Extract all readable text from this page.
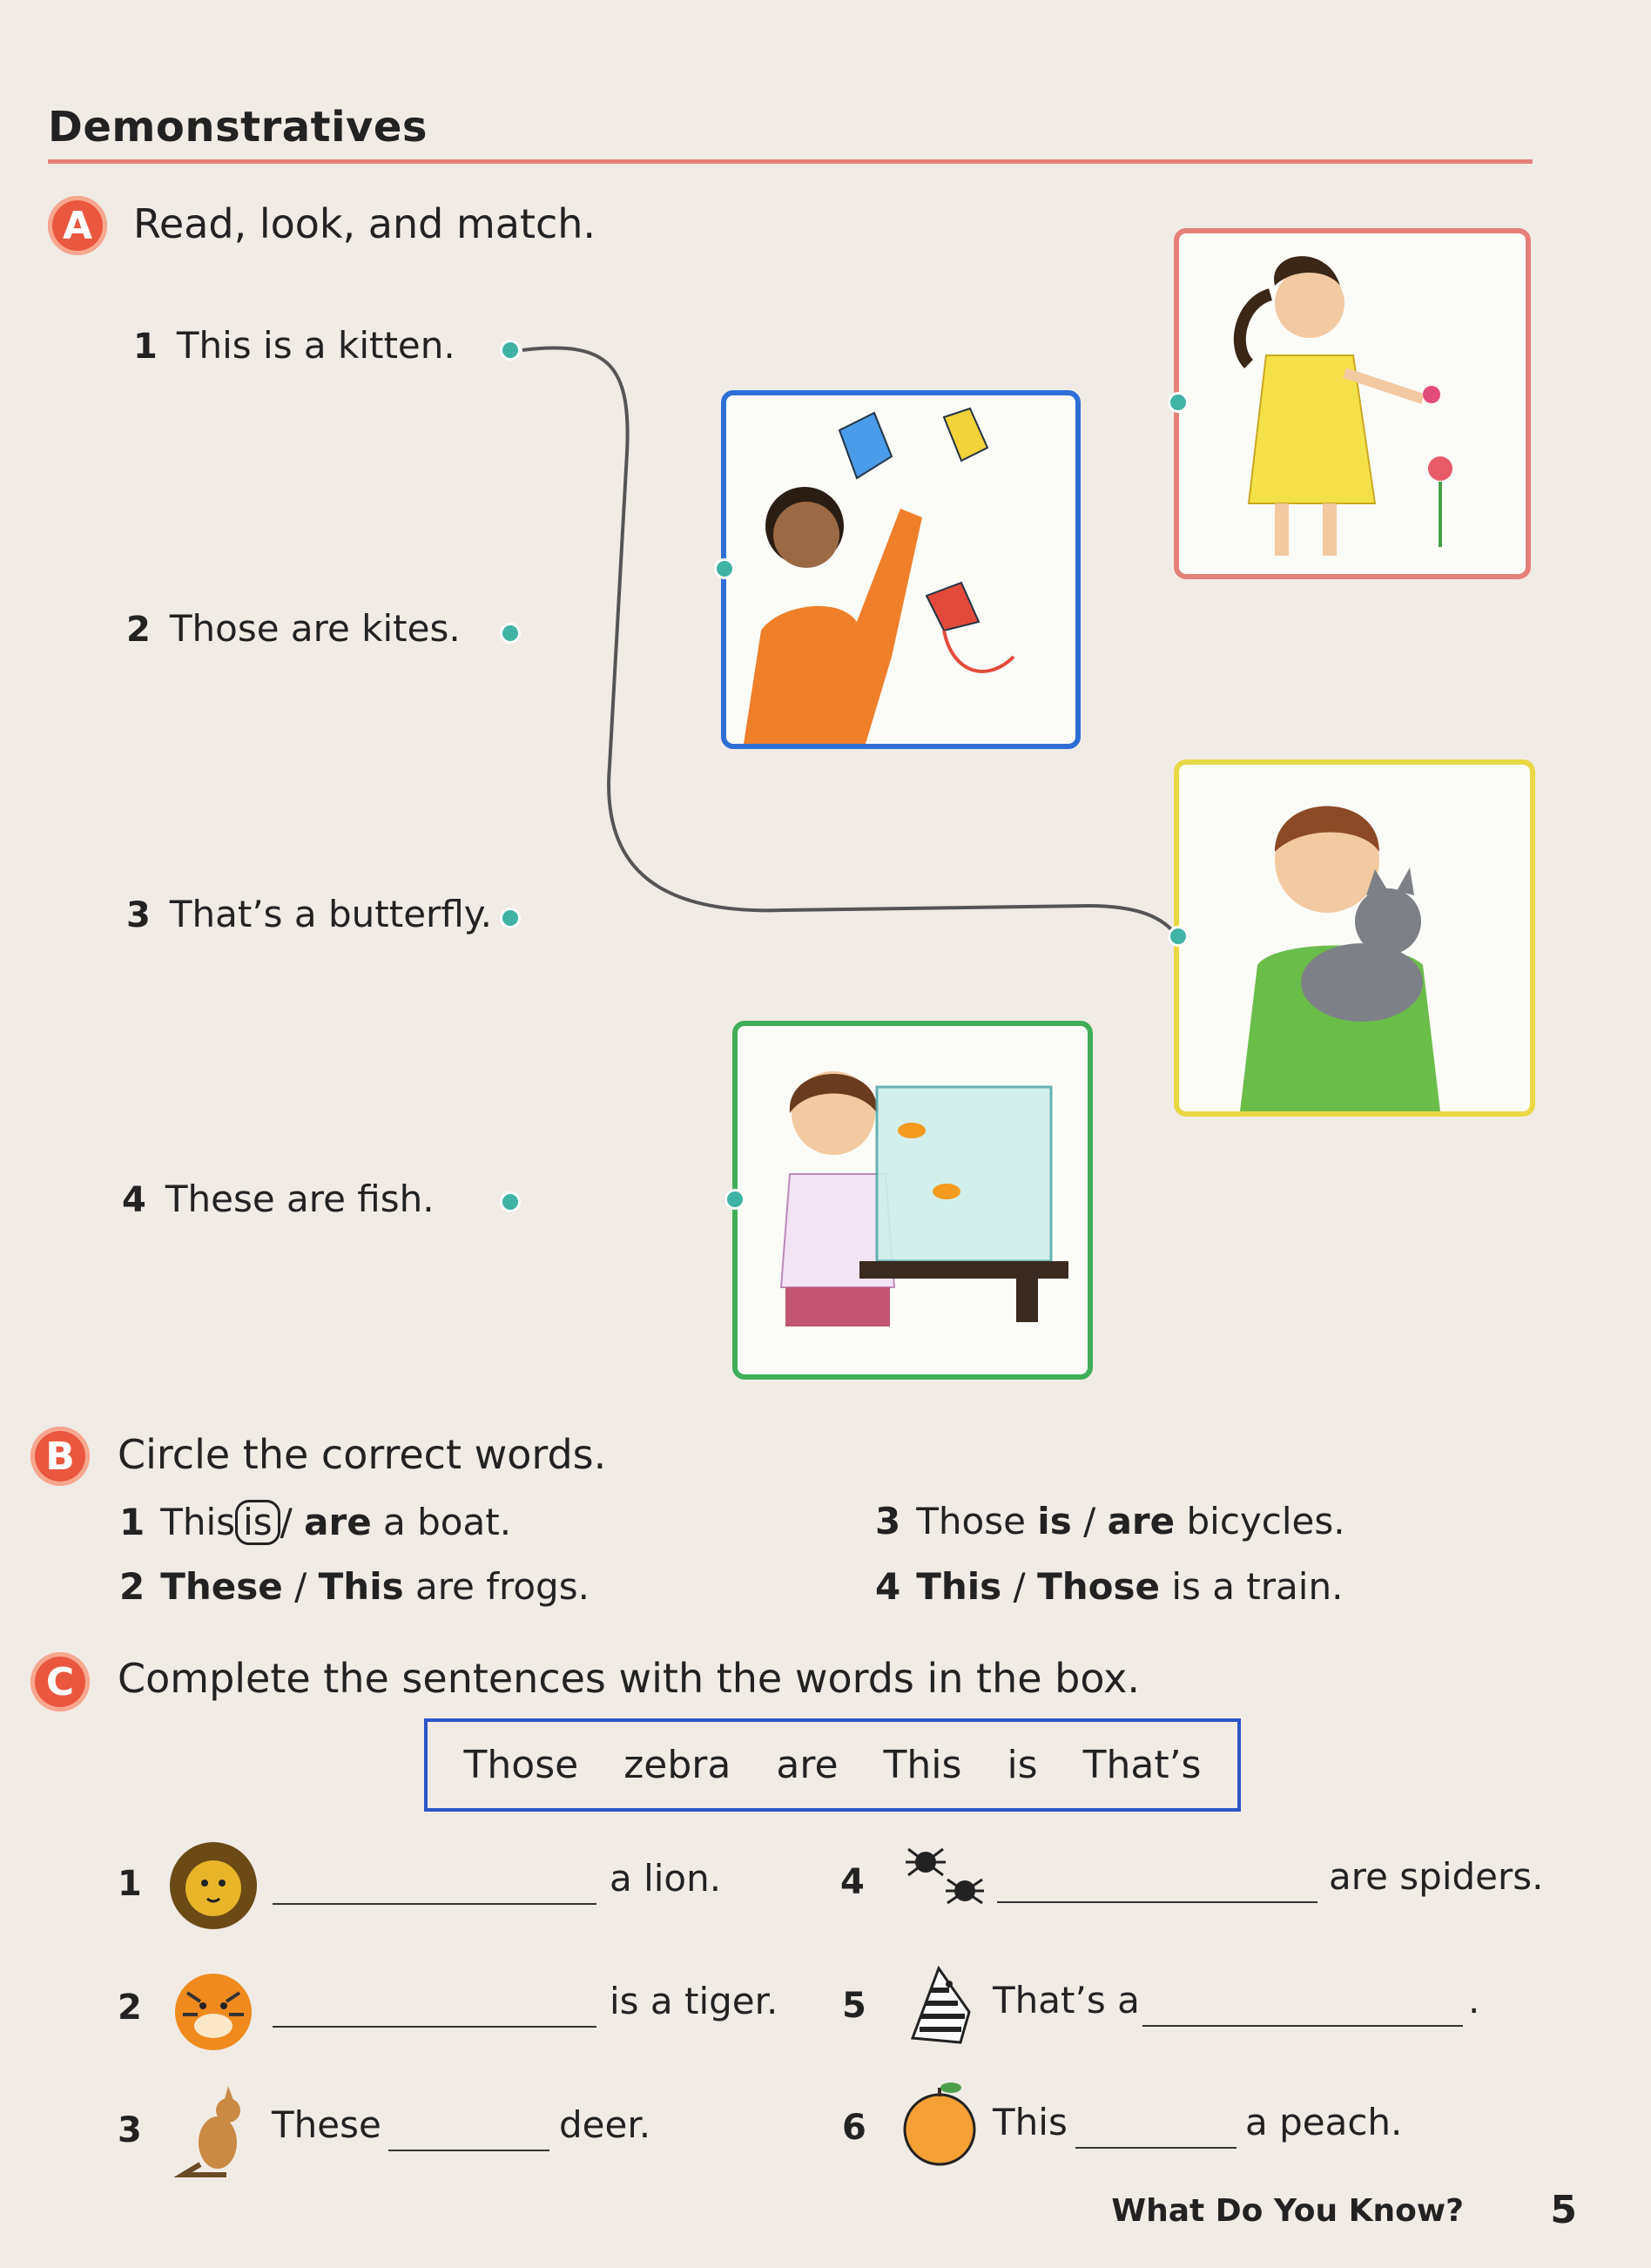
Demonstratives
A	Read, look, and match.
1 This is a kitten.
2 Those are kites.
3 That’s a butterfly.
4 These are fish.
B	Circle the correct words.
1 This is / are a boat.
2 These / This are frogs.
3 Those is / are bicycles.
4 This / Those is a train.
C	Complete the sentences with the words in the box.
Those zebra are This is That’s
1	a lion.
2	is a tiger.
3	These	deer.
4	are spiders.
5	That’s a	.
6	This	a peach.
What Do You Know? 5
